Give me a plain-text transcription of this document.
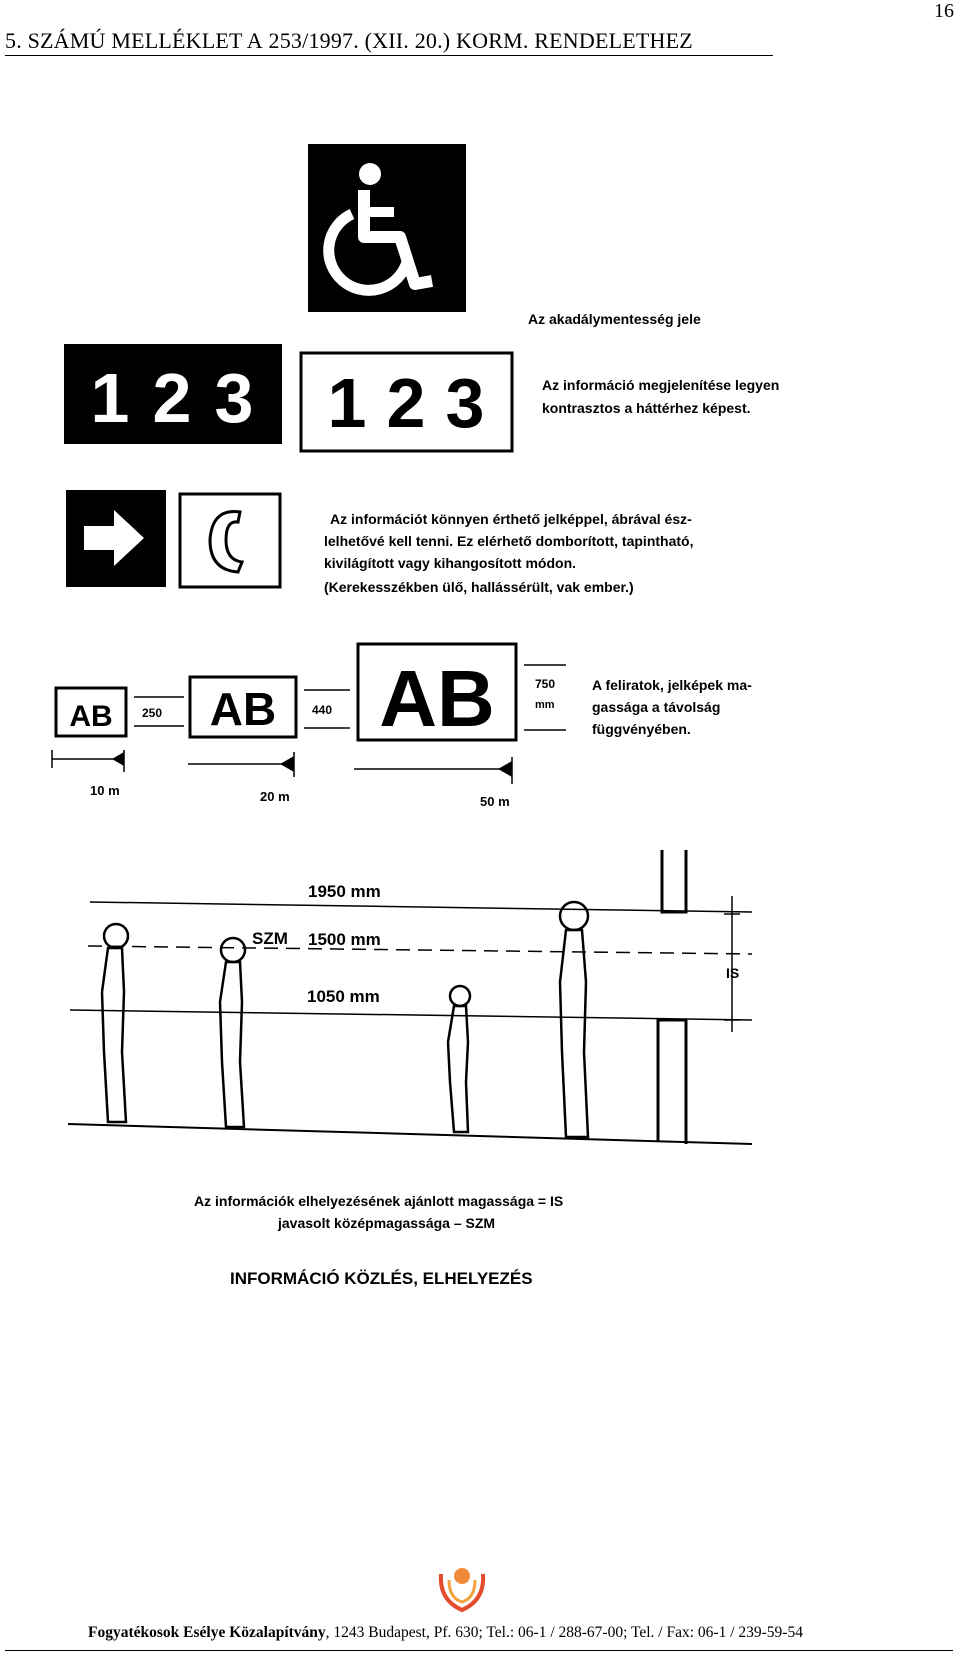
5. SZÁMÚ MELLÉKLET A 253/1997. (XII. 20.) KORM. RENDELETHEZ
16
Az akadálymentesség jele
1 2 3 1 2 3	Az információ megjelenítése legyen
kontrasztos a háttérhez képest.
Az információt könnyen érthető jelképpel, ábrával ész-
lelhetővé kell tenni. Ez elérhető domborított, tapintható,
kivilágított vagy kihangosított módon.
(Kerekesszékben ülő, hallássérült, vak ember.)
AB 250 AB	440 AB	750
mm
10 m	20 m	50 m
A feliratok, jelképek ma-
gassága a távolság
függvényében.
1950 mm
SZM 1500 mm
1050 mm
IS
Az információk elhelyezésének ajánlott magassága = IS
javasolt középmagassága – SZM
INFORMÁCIÓ KÖZLÉS, ELHELYEZÉS
Fogyatékosok Esélye Közalapítvány, 1243 Budapest, Pf. 630; Tel.: 06-1 / 288-67-00; Tel. / Fax: 06-1 / 239-59-54
